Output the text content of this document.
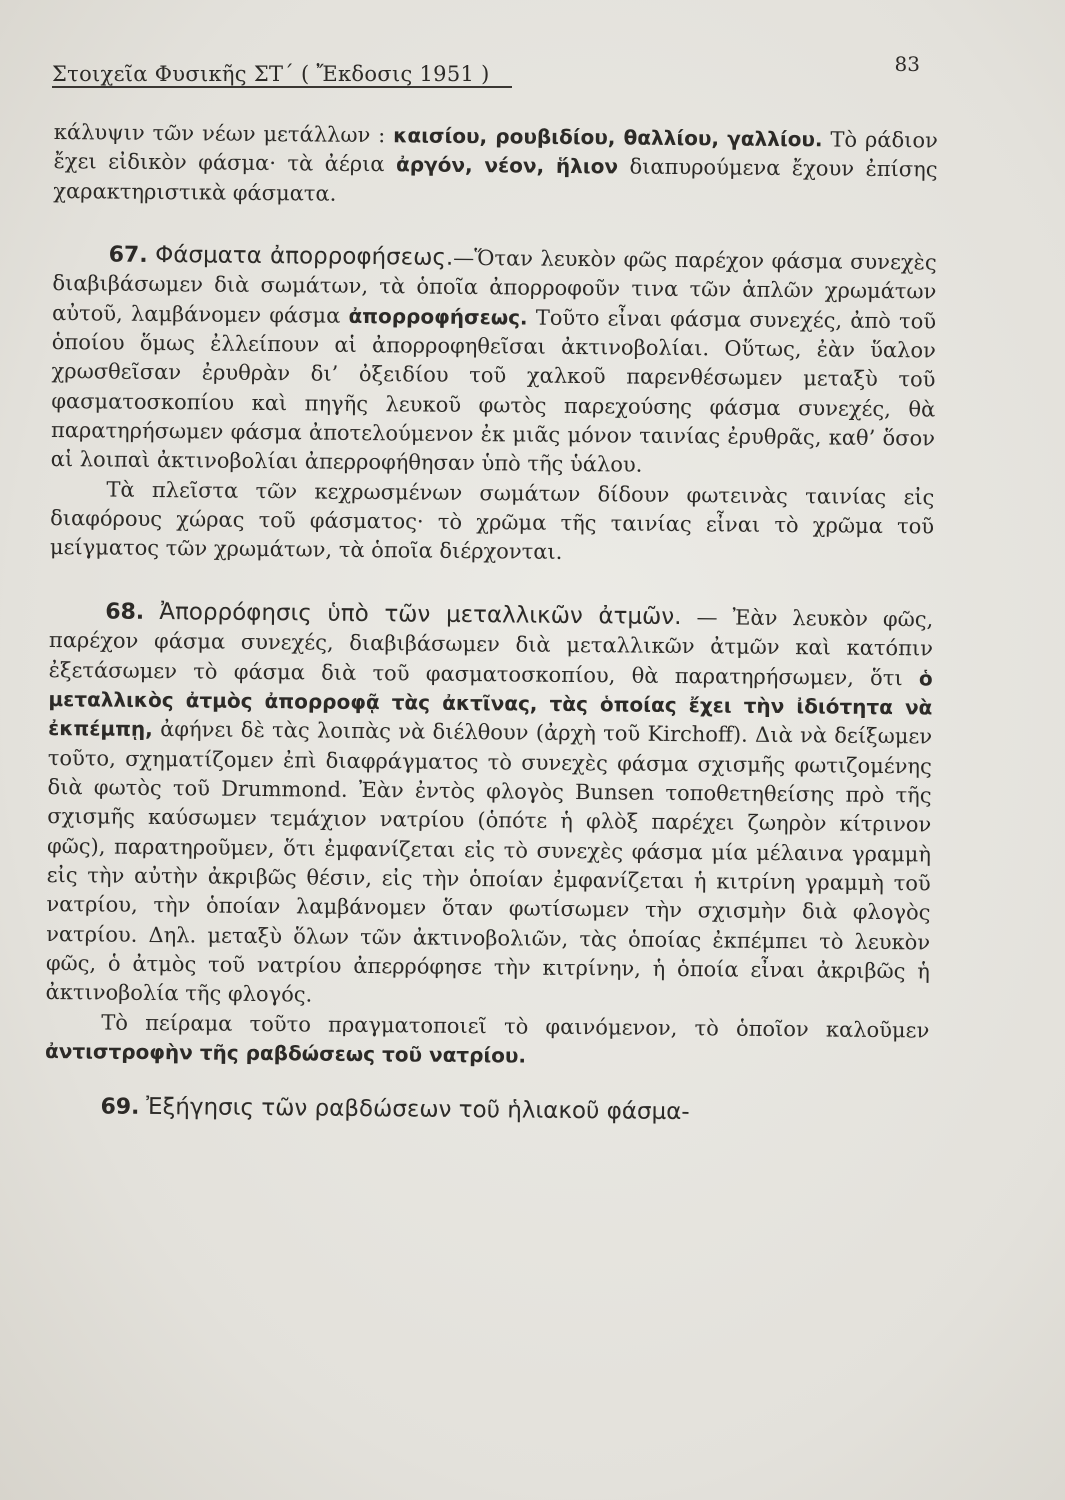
Στοιχεῖα Φυσικῆς ΣΤ΄ ( Ἔκδοσις 1951 )	83

κάλυψιν τῶν νέων μετάλλων : καισίου, ρουβιδίου, θαλλίου, γαλλίου. Τὸ ράδιον ἔχει εἰδικὸν φάσμα· τὰ ἀέρια ἀργόν, νέον, ἥλιον διαπυρούμενα ἔχουν ἐπίσης χαρακτηριστικὰ φάσματα.

67. Φάσματα ἀπορροφήσεως.—Ὅταν λευκὸν φῶς παρέχον φάσμα συνεχὲς διαβιβάσωμεν διὰ σωμάτων, τὰ ὁποῖα ἀπορροφοῦν τινα τῶν ἁπλῶν χρωμάτων αὐτοῦ, λαμβάνομεν φάσμα ἀπορροφήσεως. Τοῦτο εἶναι φάσμα συνεχές, ἀπὸ τοῦ ὁποίου ὅμως ἐλλείπουν αἱ ἀπορροφηθεῖσαι ἀκτινοβολίαι. Οὕτως, ἐὰν ὕαλον χρωσθεῖσαν ἐρυθρὰν δι’ ὀξειδίου τοῦ χαλκοῦ παρενθέσωμεν μεταξὺ τοῦ φασματοσκοπίου καὶ πηγῆς λευκοῦ φωτὸς παρεχούσης φάσμα συνεχές, θὰ παρατηρήσωμεν φάσμα ἀποτελούμενον ἐκ μιᾶς μόνον ταινίας ἐρυθρᾶς, καθ’ ὅσον αἱ λοιπαὶ ἀκτινοβολίαι ἀπερροφήθησαν ὑπὸ τῆς ὑάλου.

Τὰ πλεῖστα τῶν κεχρωσμένων σωμάτων δίδουν φωτεινὰς ταινίας εἰς διαφόρους χώρας τοῦ φάσματος· τὸ χρῶμα τῆς ταινίας εἶναι τὸ χρῶμα τοῦ μείγματος τῶν χρωμάτων, τὰ ὁποῖα διέρχονται.

68. Ἀπορρόφησις ὑπὸ τῶν μεταλλικῶν ἀτμῶν. — Ἐὰν λευκὸν φῶς, παρέχον φάσμα συνεχές, διαβιβάσωμεν διὰ μεταλλικῶν ἀτμῶν καὶ κατόπιν ἐξετάσωμεν τὸ φάσμα διὰ τοῦ φασματοσκοπίου, θὰ παρατηρήσωμεν, ὅτι ὁ μεταλλικὸς ἀτμὸς ἀπορροφᾷ τὰς ἀκτῖνας, τὰς ὁποίας ἔχει τὴν ἰδιότητα νὰ ἐκπέμπῃ, ἀφήνει δὲ τὰς λοιπὰς νὰ διέλθουν (ἀρχὴ τοῦ Kirchoff). Διὰ νὰ δείξωμεν τοῦτο, σχηματίζομεν ἐπὶ διαφράγματος τὸ συνεχὲς φάσμα σχισμῆς φωτιζομένης διὰ φωτὸς τοῦ Drummond. Ἐὰν ἐντὸς φλογὸς Bunsen τοποθετηθείσης πρὸ τῆς σχισμῆς καύσωμεν τεμάχιον νατρίου (ὁπότε ἡ φλὸξ παρέχει ζωηρὸν κίτρινον φῶς), παρατηροῦμεν, ὅτι ἐμφανίζεται εἰς τὸ συνεχὲς φάσμα μία μέλαινα γραμμὴ εἰς τὴν αὐτὴν ἀκριβῶς θέσιν, εἰς τὴν ὁποίαν ἐμφανίζεται ἡ κιτρίνη γραμμὴ τοῦ νατρίου, τὴν ὁποίαν λαμβάνομεν ὅταν φωτίσωμεν τὴν σχισμὴν διὰ φλογὸς νατρίου. Δηλ. μεταξὺ ὅλων τῶν ἀκτινοβολιῶν, τὰς ὁποίας ἐκπέμπει τὸ λευκὸν φῶς, ὁ ἀτμὸς τοῦ νατρίου ἀπερρόφησε τὴν κιτρίνην, ἡ ὁποία εἶναι ἀκριβῶς ἡ ἀκτινοβολία τῆς φλογός.

Τὸ πείραμα τοῦτο πραγματοποιεῖ τὸ φαινόμενον, τὸ ὁποῖον καλοῦμεν ἀντιστροφὴν τῆς ραβδώσεως τοῦ νατρίου.

69. Ἐξήγησις τῶν ραβδώσεων τοῦ ἡλιακοῦ φάσμα-
